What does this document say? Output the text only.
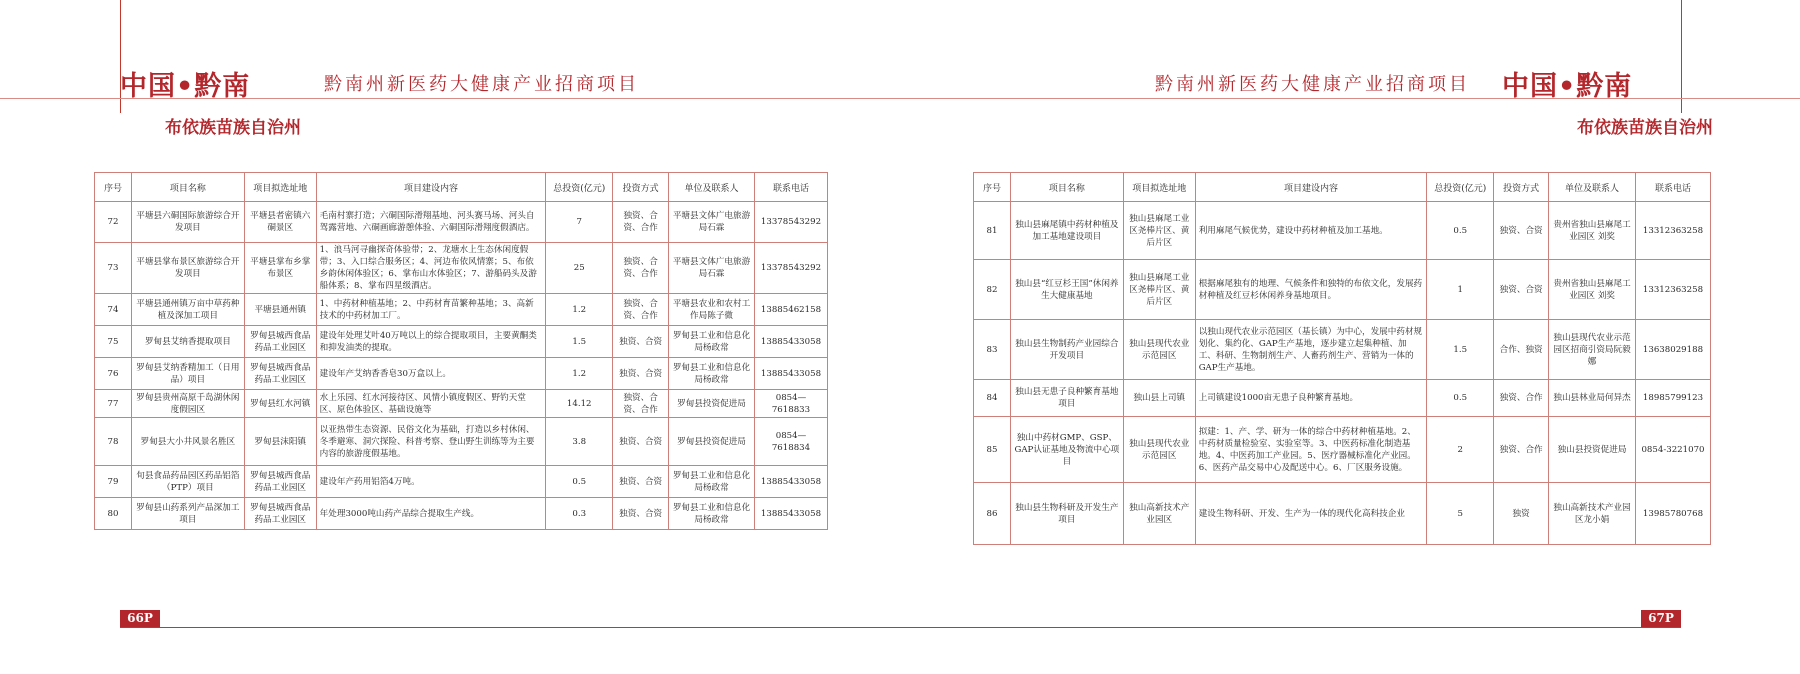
中国•黔南	黔南州新医药大健康产业招商项目
布依族苗族自治州
序号	项目名称	项目拟选址地	项目建设内容	总投资(亿元)	投资方式	单位及联系人	联系电话
72	平塘县六硐国际旅游综合开发项目	平塘县者密镇六硐景区	毛南村寨打造；六硐国际滑翔基地、河头赛马场、河头自驾露营地、六硐画廊游憩体验、六硐国际滑翔度假酒店。	7	独资、合资、合作	平塘县文体广电旅游局石霖	13378543292
73	平塘县掌布景区旅游综合开发项目	平塘县掌布乡掌布景区	1、浪马河寻幽探奇体验带；2、龙塘水上生态休闲度假带；3、入口综合服务区；4、河边布依风情寨；5、布依乡韵休闲体验区；6、掌布山水体验区；7、游船码头及游船体系；8、掌布四星级酒店。	25	独资、合资、合作	平塘县文体广电旅游局石霖	13378543292
74	平塘县通州镇万亩中草药种植及深加工项目	平塘县通州镇	1、中药材种植基地；2、中药材育苗繁种基地；3、高新技术的中药材加工厂。	1.2	独资、合资、合作	平塘县农业和农村工作局陈子微	13885462158
75	罗甸县艾纳香提取项目	罗甸县城西食品药品工业园区	建设年处理艾叶40万吨以上的综合提取项目，主要黄酮类和抑发油类的提取。	1.5	独资、合资	罗甸县工业和信息化局杨政常	13885433058
76	罗甸县艾纳香精加工（日用品）项目	罗甸县城西食品药品工业园区	建设年产艾纳香香皂30万盒以上。	1.2	独资、合资	罗甸县工业和信息化局杨政常	13885433058
77	罗甸县贵州高原千岛湖休闲度假园区	罗甸县红水河镇	水上乐园、红水河接待区、风情小镇度假区、野钓天堂区、原色体验区、基础设施等	14.12	独资、合资、合作	罗甸县投资促进局	0854—7618833
78	罗甸县大小井风景名胜区	罗甸县沫阳镇	以亚热带生态资源、民俗文化为基础，打造以乡村休闲、冬季避寒、洞穴探险、科普考察、登山野生训练等为主要内容的旅游度假基地。	3.8	独资、合资	罗甸县投资促进局	0854—7618834
79	旬县食品药品园区药品铝箔（PTP）项目	罗甸县城西食品药品工业园区	建设年产药用铝箔4万吨。	0.5	独资、合资	罗甸县工业和信息化局杨政常	13885433058
80	罗甸县山药系列产品深加工项目	罗甸县城西食品药品工业园区	年处理3000吨山药产品综合提取生产线。	0.3	独资、合资	罗甸县工业和信息化局杨政常	13885433058
66P
黔南州新医药大健康产业招商项目 中国•黔南
布依族苗族自治州
序号	项目名称	项目拟选址地	项目建设内容	总投资(亿元)	投资方式	单位及联系人	联系电话
81	独山县麻尾镇中药材种植及加工基地建设项目	独山县麻尾工业区尧棒片区、黄后片区	利用麻尾气候优势，建设中药材种植及加工基地。	0.5	独资、合资	贵州省独山县麻尾工业园区 刘奖	13312363258
82	独山县“红豆杉王国”休闲养生大健康基地	独山县麻尾工业区尧棒片区、黄后片区	根据麻尾独有的地理、气候条件和独特的布依文化，发展药材种植及红豆杉休闲养身基地项目。	1	独资、合资	贵州省独山县麻尾工业园区 刘奖	13312363258
83	独山县生物制药产业园综合开发项目	独山县现代农业示范园区	以独山现代农业示范园区（基长镇）为中心，发展中药材规划化、集约化、GAP生产基地，逐步建立起集种植、加工、科研、生物制剂生产、人畜药剂生产、营销为一体的GAP生产基地。	1.5	合作、独资	独山县现代农业示范园区招商引资局阮毅娜	13638029188
84	独山县无患子良种繁育基地项目	独山县上司镇	上司镇建设1000亩无患子良种繁育基地。	0.5	独资、合作	独山县林业局何异杰	18985799123
85	独山中药材GMP、GSP、GAP认证基地及物流中心项目	独山县现代农业示范园区	拟建：1、产、学、研为一体的综合中药材种植基地。2、中药材质量检验室、实验室等。3、中医药标准化制造基地。4、中医药加工产业园。5、医疗器械标准化产业园。6、医药产品交易中心及配送中心。6、厂区服务设施。	2	独资、合作	独山县投资促进局	0854-3221070
86	独山县生物科研及开发生产项目	独山高新技术产业园区	建设生物科研、开发、生产为一体的现代化高科技企业	5	独资	独山高新技术产业园区龙小娟	13985780768
67P
